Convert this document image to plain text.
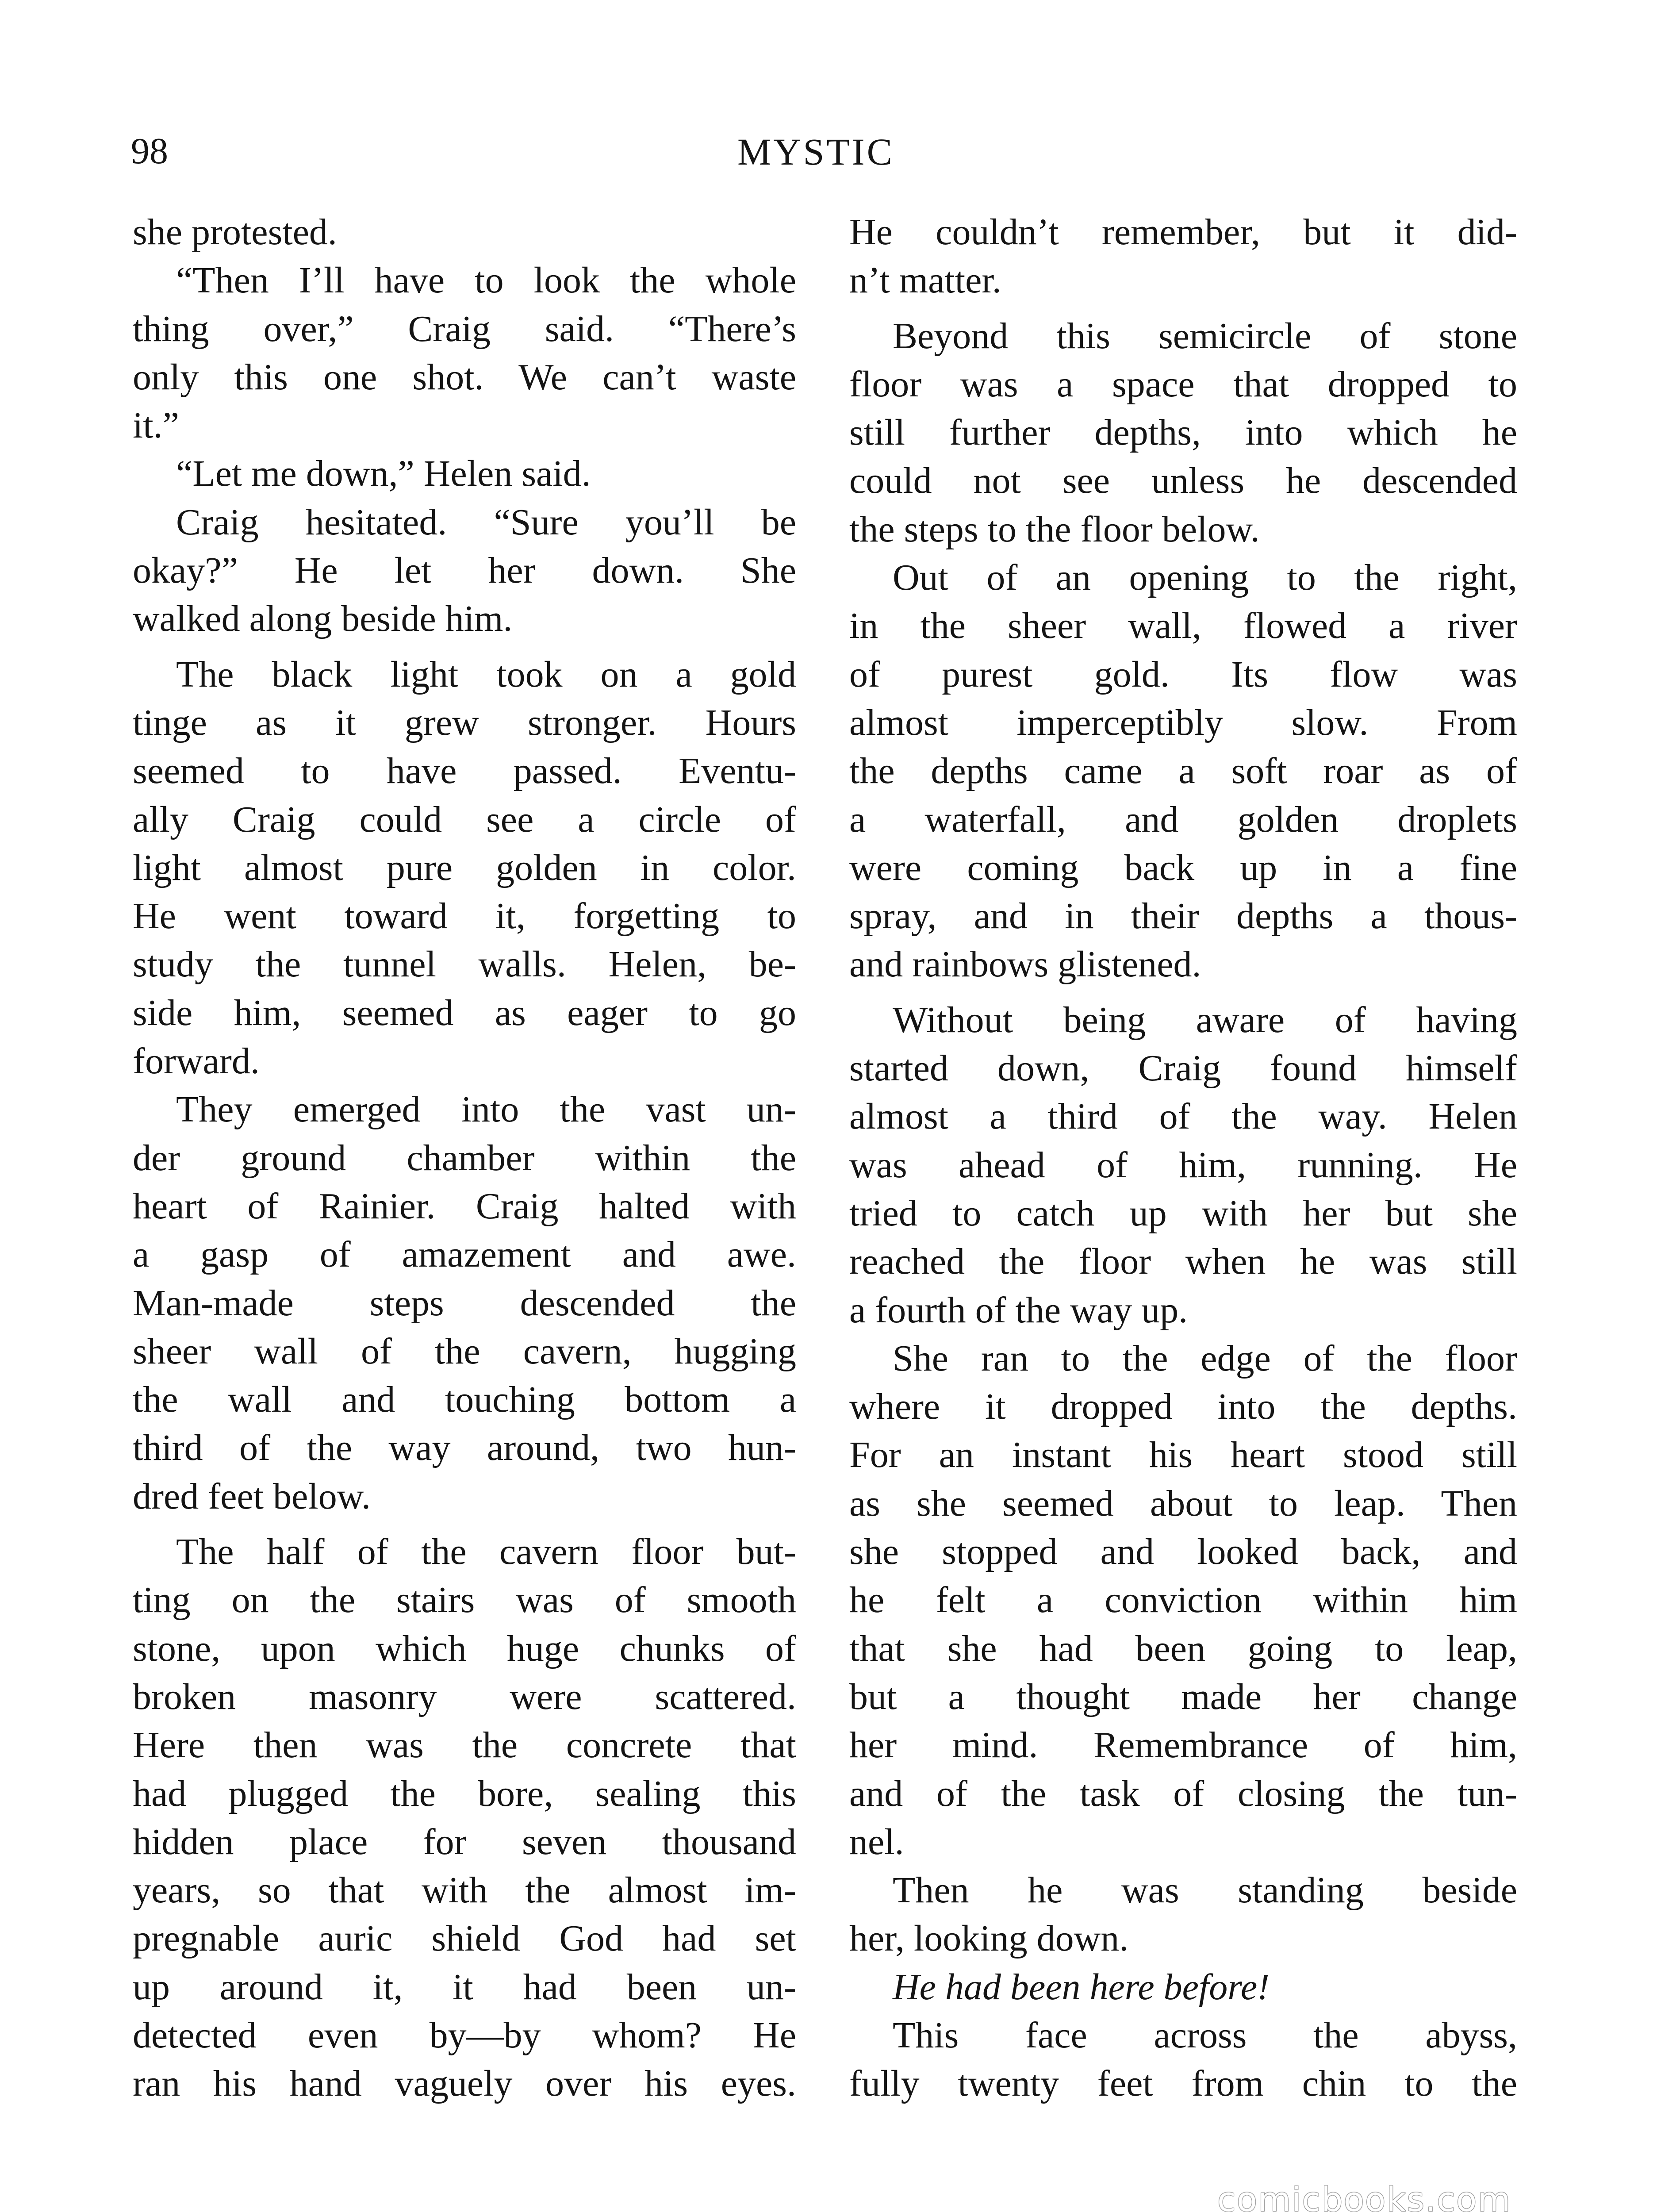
98	MYSTIC

she protested.

“Then I’ll have to look the whole
thing over,” Craig said. “There’s
only this one shot. We can’t waste
it.”

“Let me down,” Helen said.

Craig hesitated. “Sure you’ll be
okay?” He let her down. She
walked along beside him.

The black light took on a gold
tinge as it grew stronger. Hours
seemed to have passed. Eventu-
ally Craig could see a circle of
light almost pure golden in color.
He went toward it, forgetting to
study the tunnel walls. Helen, be-
side him, seemed as eager to go
forward.

They emerged into the vast un-
der ground chamber within the
heart of Rainier. Craig halted with
a gasp of amazement and awe.
Man-made steps descended the
sheer wall of the cavern, hugging
the wall and touching bottom a
third of the way around, two hun-
dred feet below.

The half of the cavern floor but-
ting on the stairs was of smooth
stone, upon which huge chunks of
broken masonry were scattered.
Here then was the concrete that
had plugged the bore, sealing this
hidden place for seven thousand
years, so that with the almost im-
pregnable auric shield God had set
up around it, it had been un-
detected even by—by whom? He
ran his hand vaguely over his eyes.

He couldn’t remember, but it did-
n’t matter.

Beyond this semicircle of stone
floor was a space that dropped to
still further depths, into which he
could not see unless he descended
the steps to the floor below.

Out of an opening to the right,
in the sheer wall, flowed a river
of purest gold. Its flow was
almost imperceptibly slow. From
the depths came a soft roar as of
a waterfall, and golden droplets
were coming back up in a fine
spray, and in their depths a thous-
and rainbows glistened.

Without being aware of having
started down, Craig found himself
almost a third of the way. Helen
was ahead of him, running. He
tried to catch up with her but she
reached the floor when he was still
a fourth of the way up.

She ran to the edge of the floor
where it dropped into the depths.
For an instant his heart stood still
as she seemed about to leap. Then
she stopped and looked back, and
he felt a conviction within him
that she had been going to leap,
but a thought made her change
her mind. Remembrance of him,
and of the task of closing the tun-
nel.

Then he was standing beside
her, looking down.

He had been here before!

This face across the abyss,
fully twenty feet from chin to the

comicbooks.com
